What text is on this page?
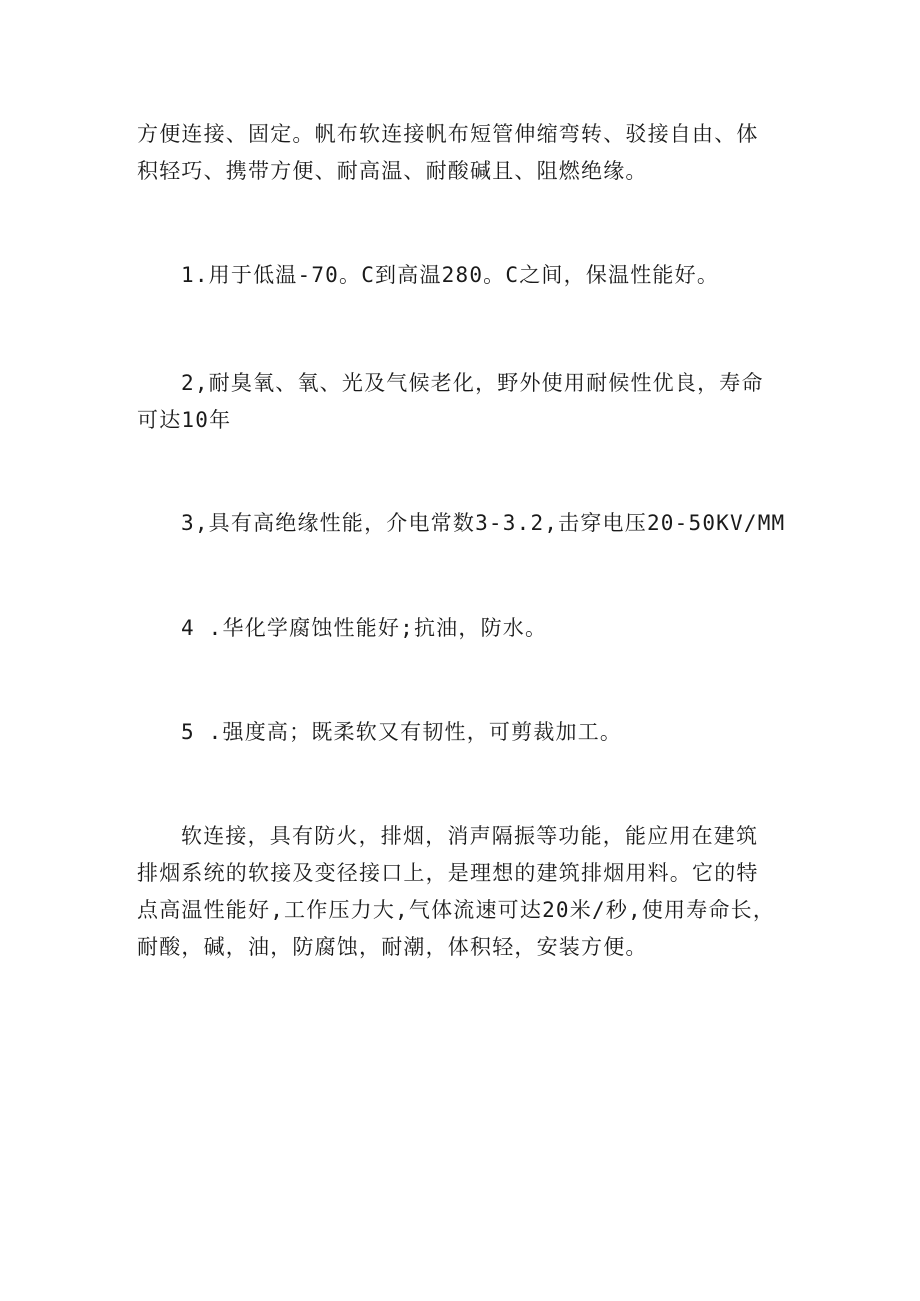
方便连接、固定。帆布软连接帆布短管伸缩弯转、驳接自由、体
积轻巧、携带方便、耐高温、耐酸碱且、阻燃绝缘。

1.用于低温-70。C到高温280。C之间，保温性能好。

2,耐臭氧、氧、光及气候老化，野外使用耐候性优良，寿命
可达10年

3,具有高绝缘性能，介电常数3-3.2,击穿电压20-50KV/MM

4 .华化学腐蚀性能好;抗油，防水。

5 .强度高；既柔软又有韧性，可剪裁加工。

软连接，具有防火，排烟，消声隔振等功能，能应用在建筑
排烟系统的软接及变径接口上，是理想的建筑排烟用料。它的特
点高温性能好,工作压力大,气体流速可达20米/秒,使用寿命长，
耐酸，碱，油，防腐蚀，耐潮，体积轻，安装方便。
